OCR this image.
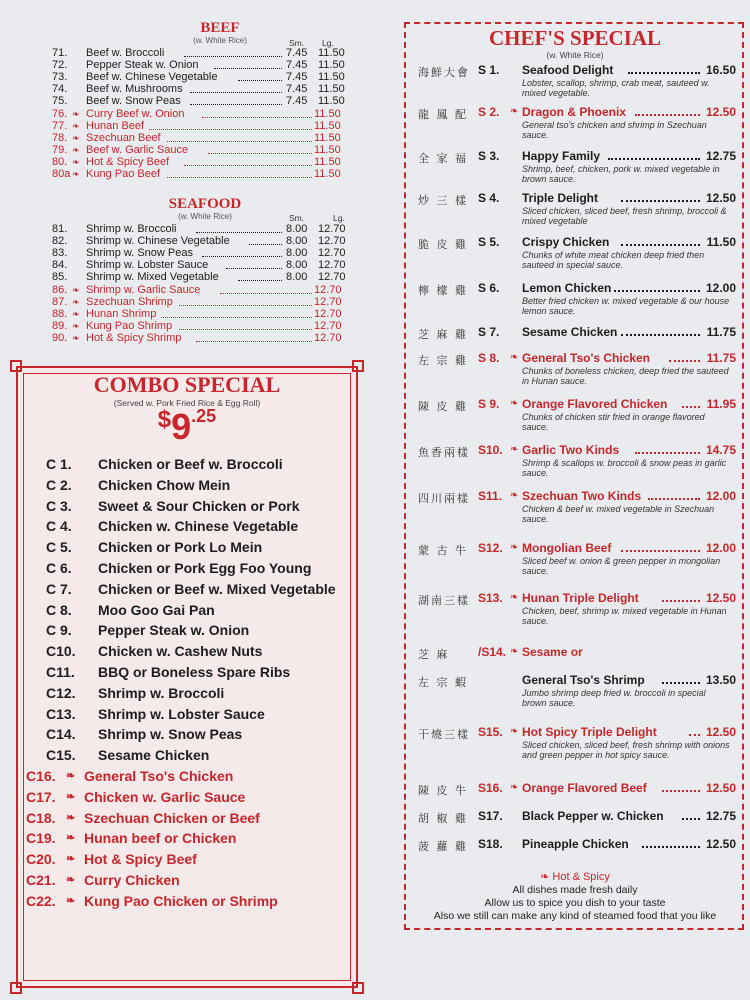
BEEF
(w. White Rice)	Sm. Lg.
71.	Beef w. Broccoli	7.45 11.50
72.	Pepper Steak w. Onion	7.45 11.50
73.	Beef w. Chinese Vegetable	7.45 11.50
74.	Beef w. Mushrooms	7.45 11.50
75.	Beef w. Snow Peas	7.45 11.50
76. ❧ Curry Beef w. Onion	11.50
77. ❧ Hunan Beef	11.50
78. ❧ Szechuan Beef	11.50
79. ❧ Beef w. Garlic Sauce	11.50
80. ❧ Hot & Spicy Beef	11.50
80a ❧ Kung Pao Beef	11.50
SEAFOOD
(w. White Rice)	Sm.	Lg.
81.	Shrimp w. Broccoli	8.00 12.70
82.	Shrimp w. Chinese Vegetable	8.00 12.70
83.	Shrimp w. Snow Peas	8.00 12.70
84.	Shrimp w. Lobster Sauce	8.00 12.70
85.	Shrimp w. Mixed Vegetable	8.00 12.70
86. ❧ Shrimp w. Garlic Sauce	12.70
87. ❧ Szechuan Shrimp	12.70
88. ❧ Hunan Shrimp	12.70
89. ❧ Kung Pao Shrimp	12.70
90. ❧ Hot & Spicy Shrimp	12.70
COMBO SPECIAL
(Served w. Pork Fried Rice & Egg Roll)
$9.25
C 1. Chicken or Beef w. Broccoli
C 2. Chicken Chow Mein
C 3. Sweet & Sour Chicken or Pork
C 4. Chicken w. Chinese Vegetable
C 5. Chicken or Pork Lo Mein
C 6. Chicken or Pork Egg Foo Young
C 7. Chicken or Beef w. Mixed Vegetable
C 8. Moo Goo Gai Pan
C 9. Pepper Steak w. Onion
C10. Chicken w. Cashew Nuts
C11. BBQ or Boneless Spare Ribs
C12. Shrimp w. Broccoli
C13. Shrimp w. Lobster Sauce
C14. Shrimp w. Snow Peas
C15. Sesame Chicken
C16. ❧ General Tso's Chicken
C17. ❧ Chicken w. Garlic Sauce
C18. ❧ Szechuan Chicken or Beef
C19. ❧ Hunan beef or Chicken
C20. ❧ Hot & Spicy Beef
C21. ❧ Curry Chicken
C22. ❧ Kung Pao Chicken or Shrimp
CHEF'S SPECIAL
(w. White Rice)
海鮮大會 S 1. Seafood Delight	16.50
Lobster, scallop, shrimp, crab meat, sauteed w. mixed vegetable.
龍 鳳 配 S 2. ❧ Dragon & Phoenix	12.50
General tso's chicken and shrimp in Szechuan sauce.
全 家 福 S 3. Happy Family	12.75
Shrimp, beef, chicken, pork w. mixed vegetable in brown sauce.
炒 三 樣 S 4. Triple Delight	12.50
Sliced chicken, sliced beef, fresh shrimp, broccoli & mixed vegetable
脆 皮 雞 S 5. Crispy Chicken	11.50
Chunks of white meat chicken deep fried then sauteed in special sauce.
檸 檬 雞 S 6. Lemon Chicken	12.00
Better fried chicken w. mixed vegetable & our house lemon sauce.
芝 麻 雞 S 7. Sesame Chicken	11.75
左 宗 雞 S 8. ❧ General Tso's Chicken	11.75
Chunks of boneless chicken, deep fried the sauteed in Hunan sauce.
陳 皮 雞 S 9. ❧ Orange Flavored Chicken	11.95
Chunks of chicken stir fried in orange flavored sauce.
魚香兩樣 S10. ❧ Garlic Two Kinds	14.75
Shrimp & scallops w. broccoli & snow peas in garlic sauce.
四川兩樣 S11. ❧ Szechuan Two Kinds	12.00
Chicken & beef w. mixed vegetable in Szechuan sauce.
蒙 古 牛 S12. ❧ Mongolian Beef	12.00
Sliced beef w. onion & green pepper in mongolian sauce.
湖南三樣 S13. ❧ Hunan Triple Delight	12.50
Chicken, beef, shrimp w. mixed vegetable in Hunan sauce.
芝 麻	/S14. ❧ Sesame or
左 宗 蝦	General Tso's Shrimp	13.50
Jumbo shrimp deep fried w. broccoli in special brown sauce.
干燒三樣 S15. ❧ Hot Spicy Triple Delight	12.50
Sliced chicken, sliced beef, fresh shrimp with onions and green pepper in hot spicy sauce.
陳 皮 牛 S16. ❧ Orange Flavored Beef	12.50
胡 椒 雞 S17. Black Pepper w. Chicken	12.75
菠 蘿 雞 S18. Pineapple Chicken	12.50
❧ Hot & Spicy
All dishes made fresh daily
Allow us to spice you dish to your taste
Also we still can make any kind of steamed food that you like
